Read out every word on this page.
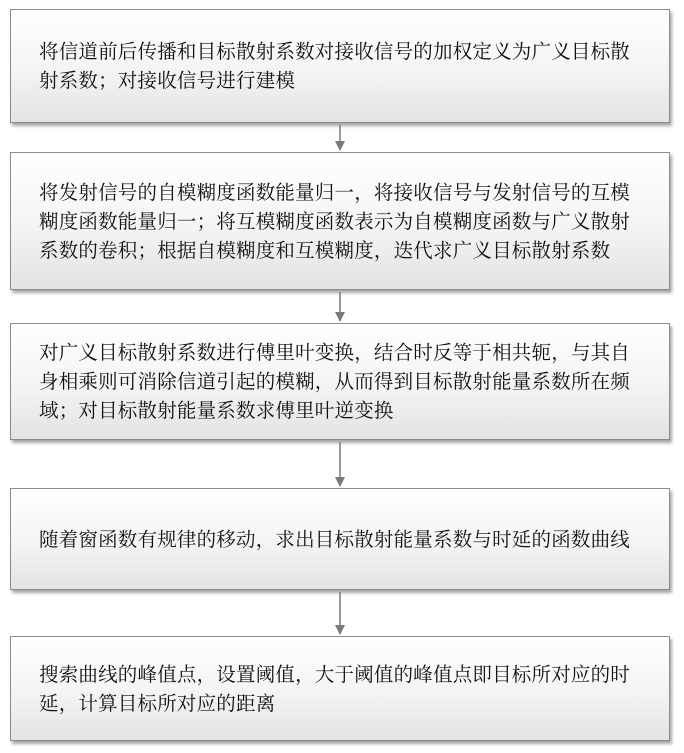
将信道前后传播和目标散射系数对接收信号的加权定义为广义目标散射系数；对接收信号进行建模
将发射信号的自模糊度函数能量归一，将接收信号与发射信号的互模糊度函数能量归一；将互模糊度函数表示为自模糊度函数与广义散射系数的卷积；根据自模糊度和互模糊度，迭代求广义目标散射系数
对广义目标散射系数进行傅里叶变换，结合时反等于相共轭，与其自身相乘则可消除信道引起的模糊，从而得到目标散射能量系数所在频域；对目标散射能量系数求傅里叶逆变换
随着窗函数有规律的移动，求出目标散射能量系数与时延的函数曲线
搜索曲线的峰值点，设置阈值，大于阈值的峰值点即目标所对应的时延，计算目标所对应的距离
